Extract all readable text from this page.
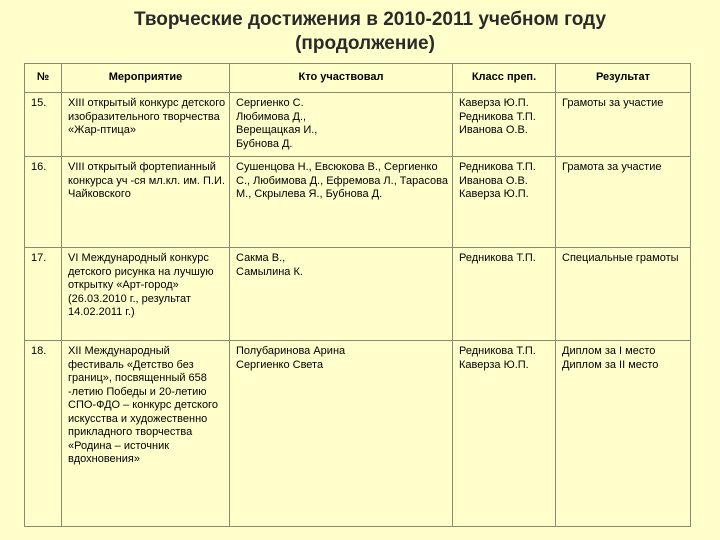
Творческие достижения в 2010-2011 учебном году
(продолжение)
№	Мероприятие	Кто участвовал	Класс преп.	Результат
15.	XIII открытый конкурс детского изобразительного творчества «Жар-птица»	Сергиенко С.
Любимова Д.,
Верещацкая И.,
Бубнова Д.	Каверза Ю.П.
Редникова Т.П.
Иванова О.В.	Грамоты за участие
16.	VIII открытый фортепианный конкурса уч -ся мл.кл. им. П.И. Чайковского	Сушенцова Н., Евсюкова В., Сергиенко С., Любимова Д., Ефремова Л., Тарасова М., Скрылева Я., Бубнова Д.	Редникова Т.П.
Иванова О.В.
Каверза Ю.П.	Грамота за участие
17.	VI Международный конкурс детского рисунка на лучшую открытку «Арт-город» (26.03.2010 г., результат 14.02.2011 г.)	Сакма В.,
Самылина К.	Редникова Т.П.	Специальные грамоты
18.	XII Международный фестиваль «Детство без границ», посвященный 658 -летию Победы и 20-летию СПО-ФДО – конкурс детского искусства и художественно прикладного творчества «Родина – источник вдохновения»	Полубаринова Арина
Сергиенко Света	Редникова Т.П.
Каверза Ю.П.	Диплом за I место
Диплом за II место
